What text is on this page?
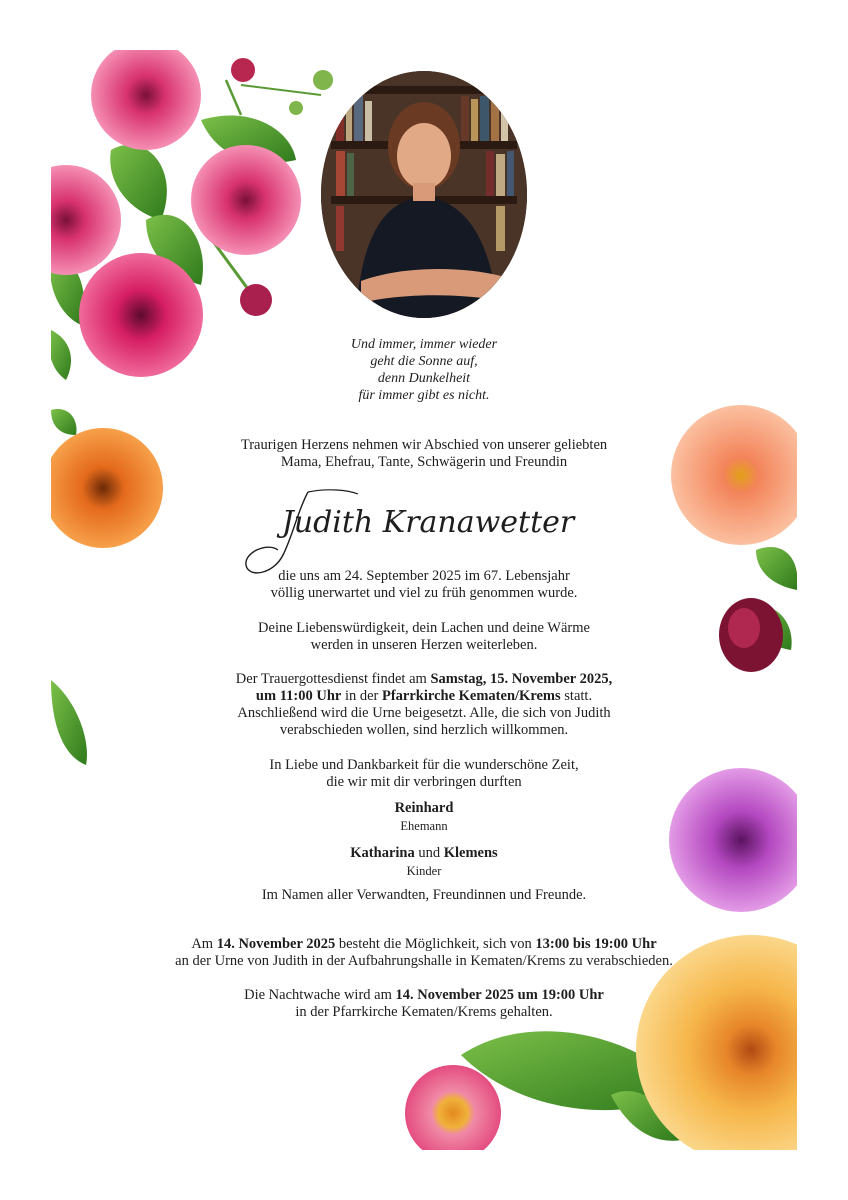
Und immer, immer wieder
geht die Sonne auf,
denn Dunkelheit
für immer gibt es nicht.
Traurigen Herzens nehmen wir Abschied von unserer geliebten
Mama, Ehefrau, Tante, Schwägerin und Freundin
Judith Kranawetter
die uns am 24. September 2025 im 67. Lebensjahr
völlig unerwartet und viel zu früh genommen wurde.
Deine Liebenswürdigkeit, dein Lachen und deine Wärme
werden in unseren Herzen weiterleben.
Der Trauergottesdienst findet am Samstag, 15. November 2025,
um 11:00 Uhr in der Pfarrkirche Kematen/Krems statt.
Anschließend wird die Urne beigesetzt. Alle, die sich von Judith
verabschieden wollen, sind herzlich willkommen.
In Liebe und Dankbarkeit für die wunderschöne Zeit,
die wir mit dir verbringen durften
Reinhard
Ehemann
Katharina und Klemens
Kinder
Im Namen aller Verwandten, Freundinnen und Freunde.
Am 14. November 2025 besteht die Möglichkeit, sich von 13:00 bis 19:00 Uhr
an der Urne von Judith in der Aufbahrungshalle in Kematen/Krems zu verabschieden.
Die Nachtwache wird am 14. November 2025 um 19:00 Uhr
in der Pfarrkirche Kematen/Krems gehalten.
